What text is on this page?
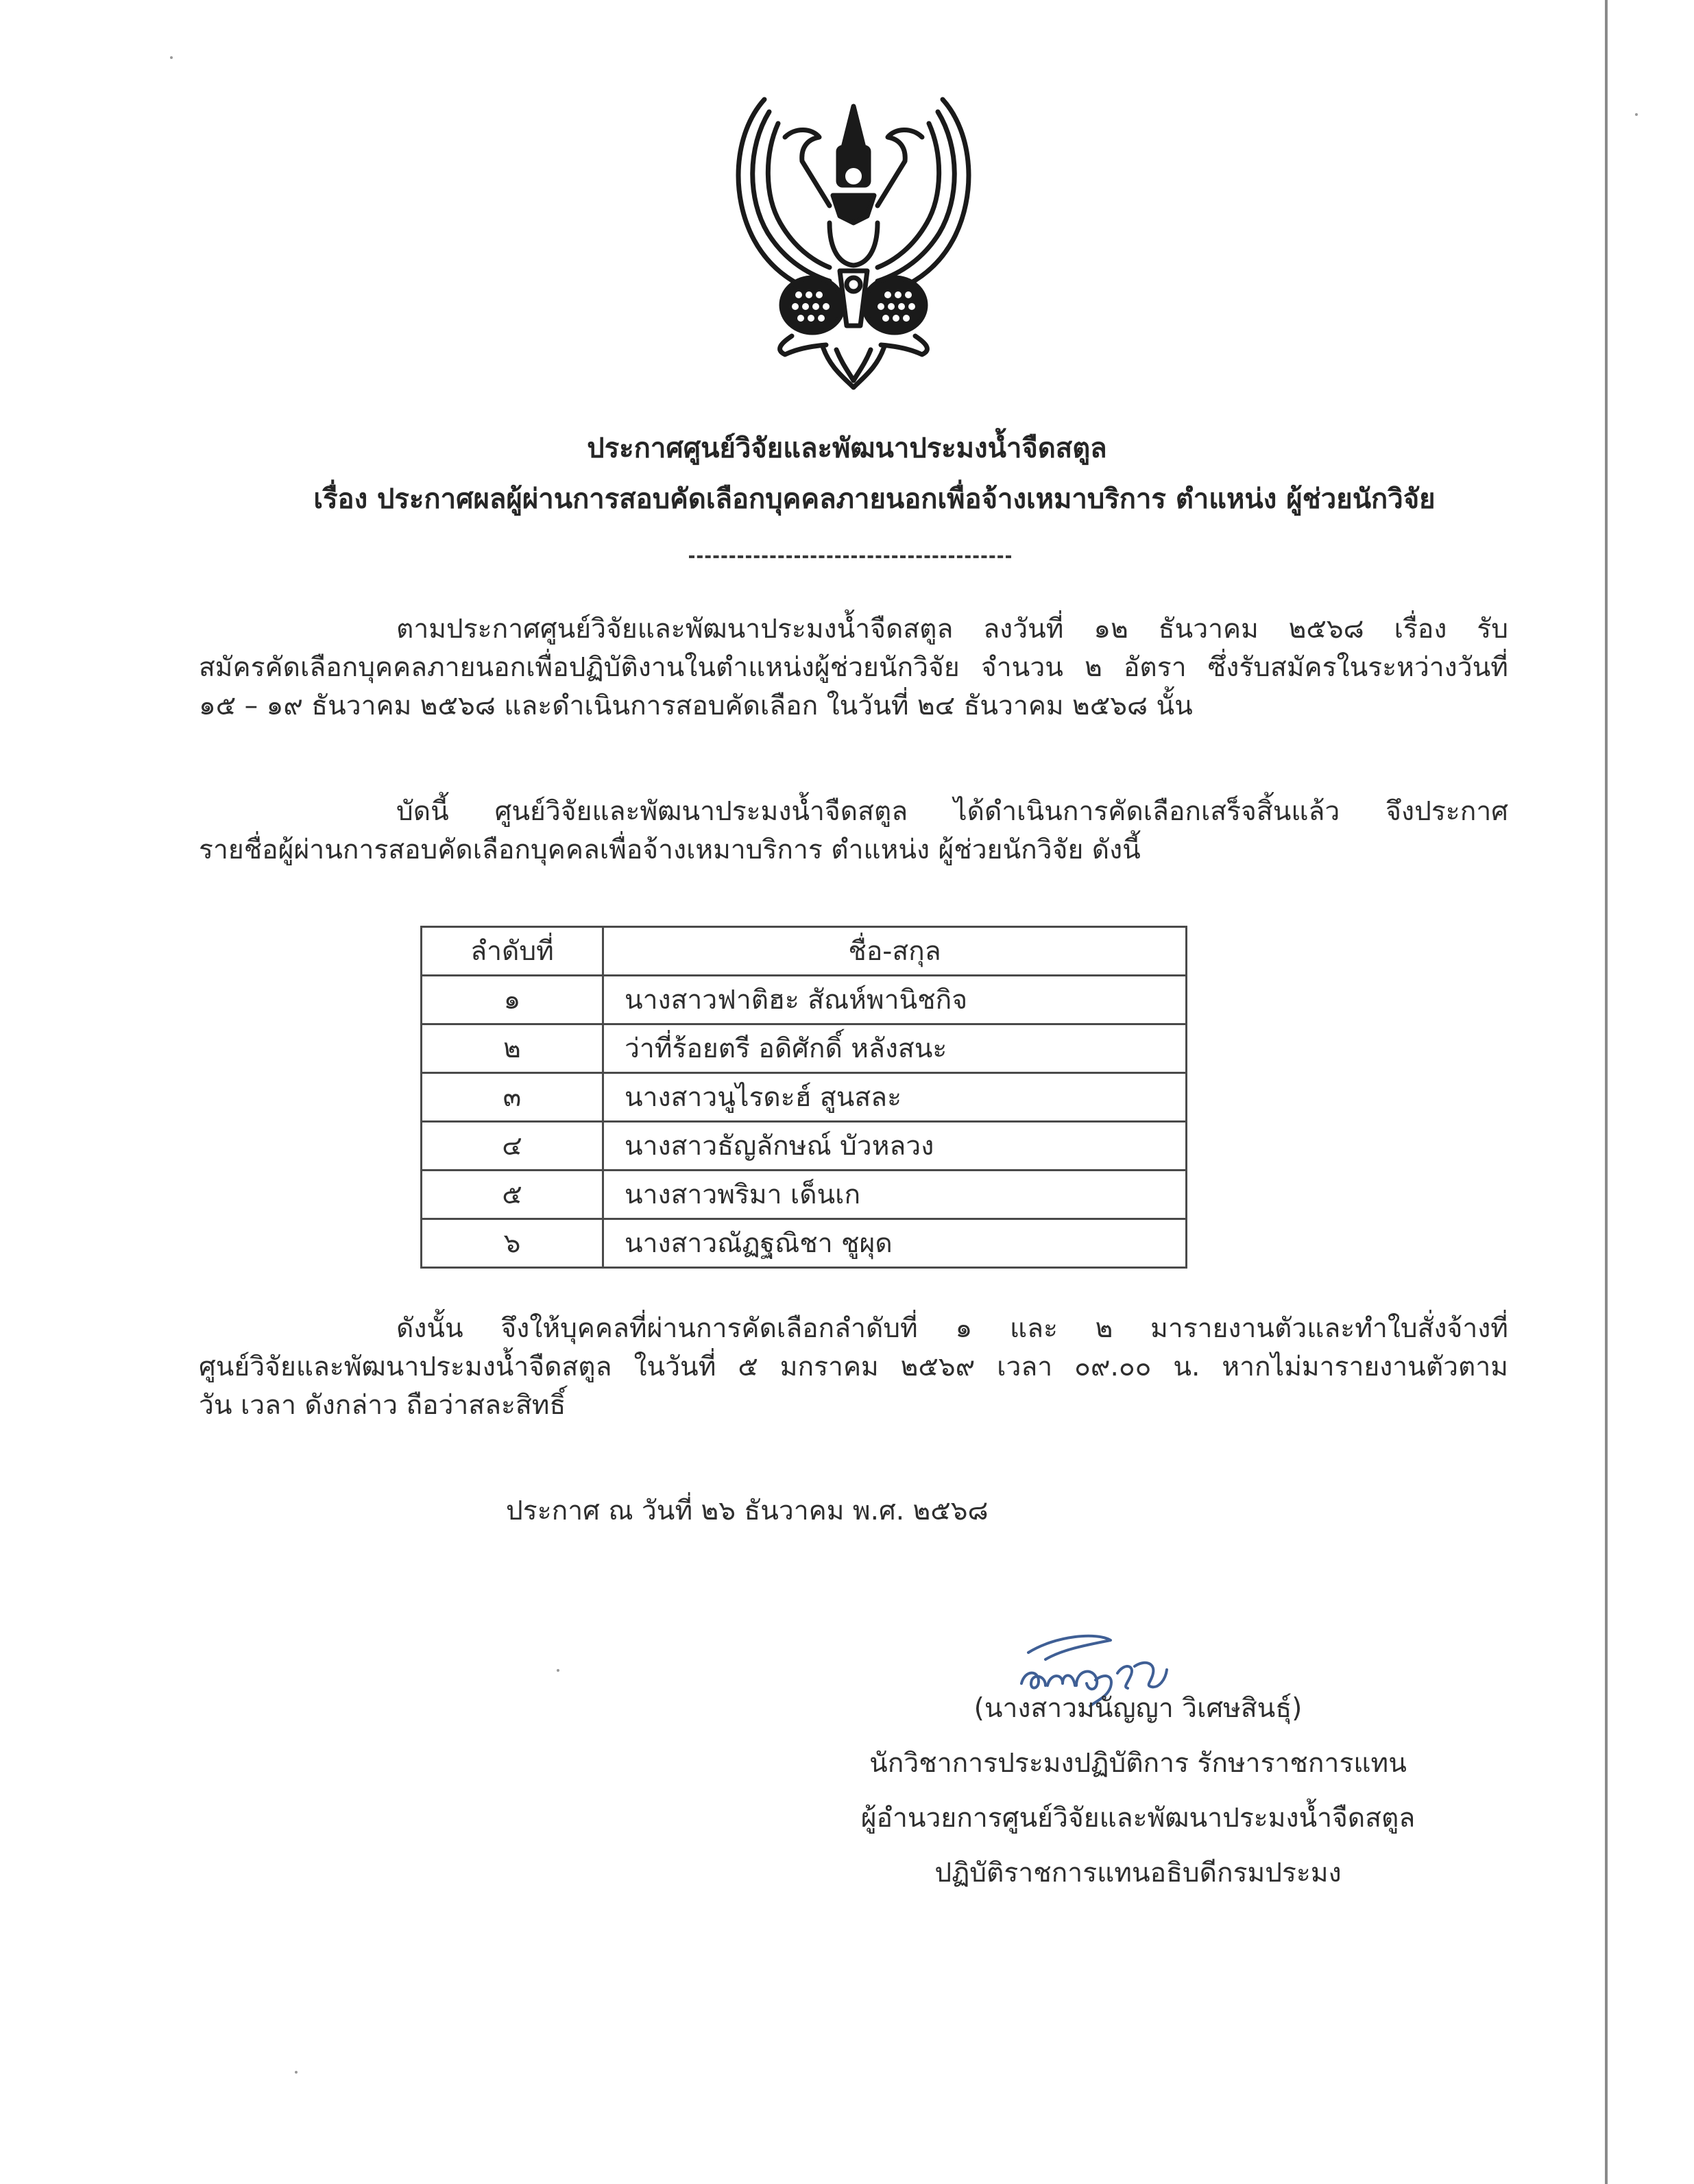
ประกาศศูนย์วิจัยและพัฒนาประมงน้ำจืดสตูล
เรื่อง ประกาศผลผู้ผ่านการสอบคัดเลือกบุคคลภายนอกเพื่อจ้างเหมาบริการ ตำแหน่ง ผู้ช่วยนักวิจัย
ตามประกาศศูนย์วิจัยและพัฒนาประมงน้ำจืดสตูล ลงวันที่ ๑๒ ธันวาคม ๒๕๖๘ เรื่อง รับ
สมัครคัดเลือกบุคคลภายนอกเพื่อปฏิบัติงานในตำแหน่งผู้ช่วยนักวิจัย จำนวน ๒ อัตรา ซึ่งรับสมัครในระหว่างวันที่
๑๕ – ๑๙ ธันวาคม ๒๕๖๘ และดำเนินการสอบคัดเลือก ในวันที่ ๒๔ ธันวาคม ๒๕๖๘ นั้น
บัดนี้ ศูนย์วิจัยและพัฒนาประมงน้ำจืดสตูล ได้ดำเนินการคัดเลือกเสร็จสิ้นแล้ว จึงประกาศ
รายชื่อผู้ผ่านการสอบคัดเลือกบุคคลเพื่อจ้างเหมาบริการ ตำแหน่ง ผู้ช่วยนักวิจัย ดังนี้
ลำดับที่	ชื่อ-สกุล
๑	นางสาวฟาติฮะ สัณห์พานิชกิจ
๒	ว่าที่ร้อยตรี อดิศักดิ์ หลังสนะ
๓	นางสาวนูไรดะฮ์ สูนสละ
๔	นางสาวธัญลักษณ์ บัวหลวง
๕	นางสาวพริมา เด็นเก
๖	นางสาวณัฏฐณิชา ชูผุด
ดังนั้น จึงให้บุคคลที่ผ่านการคัดเลือกลำดับที่ ๑ และ ๒ มารายงานตัวและทำใบสั่งจ้างที่
ศูนย์วิจัยและพัฒนาประมงน้ำจืดสตูล ในวันที่ ๕ มกราคม ๒๕๖๙ เวลา ๐๙.๐๐ น. หากไม่มารายงานตัวตาม
วัน เวลา ดังกล่าว ถือว่าสละสิทธิ์
ประกาศ ณ วันที่ ๒๖ ธันวาคม พ.ศ. ๒๕๖๘
(นางสาวมนัญญา วิเศษสินธุ์)
นักวิชาการประมงปฏิบัติการ รักษาราชการแทน
ผู้อำนวยการศูนย์วิจัยและพัฒนาประมงน้ำจืดสตูล
ปฏิบัติราชการแทนอธิบดีกรมประมง
